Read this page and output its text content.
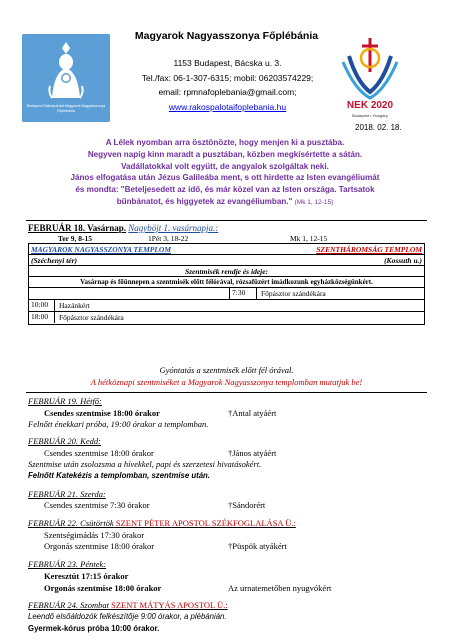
Budapest-Rákospalotai Magyarok Nagyasszonya Főplébánia
Magyarok Nagyasszonya Főplébánia
1153 Budapest, Bácska u. 3.
Tel./fax: 06-1-307-6315; mobil: 06203574229;
email: rpmnafoplebania@gmail.com;
www.rakospalotaifoplebania.hu	NEK 2020
Budapest • Hungary
2018. 02. 18.
A Lélek nyomban arra ösztönözte, hogy menjen ki a pusztába.
Negyven napig kinn maradt a pusztában, közben megkísértette a sátán.
Vadállatokkal volt együtt, de angyalok szolgáltak neki.
János elfogatása után Jézus Galileába ment, s ott hirdette az Isten evangéliumát
és mondta: "Beteljesedett az idő, és már közel van az Isten országa. Tartsatok
bűnbánatot, és higgyetek az evangéliumban." (Mk 1, 12-15)
FEBRUÁR 18. Vasárnap. Nagyböjt 1. vasárnapja.:
Ter 9, 8-15	1Pét 3, 18-22	Mk 1, 12-15
MAGYAROK NAGYASSZONYA TEMPLOM	SZENTHÁROMSÁG TEMPLOM
(Széchenyi tér)	(Kossuth u.)
Szentmisék rendje és ideje:
Vasárnap és főünnepen a szentmisék előtt félórával, rózsafüzért imádkozunk egyházközségünkért.
7:30	Főpásztor szándékára
10:00	Hazánkért
18:00	Főpásztor szándékára
Gyóntatás a szentmisék előtt fél órával.
A hétköznapi szentmiséket a Magyarok Nagyasszonya templomban mutatjuk be!
FEBRUÁR 19. Hétfő:
Csendes szentmise 18:00 órakor	†Antal atyáért
Felnőtt énekkari próba, 19:00 órakor a templomban.
FEBRUÁR 20. Kedd:
Csendes szentmise 18:00 órakor	†János atyáért
Szentmise után zsolozsma a hívekkel, papi és szerzetesi hivatásokért.
Felnőtt Katekézis a templomban, szentmise után.
FEBRUÁR 21. Szerda:
Csendes szentmise 7:30 órakor	†Sándorért
FEBRUÁR 22. Csütörtök SZENT PÉTER APOSTOL SZÉKFOGLALÁSA Ü.:
Szentségimádás 17:30 órakor
Orgonás szentmise 18:00 órakor	†Püspök atyákért
FEBRUÁR 23. Péntek:
Keresztút 17:15 órakor
Orgonás szentmise 18:00 órakor	Az urnatemetőben nyugvókért
FEBRUÁR 24. Szombat SZENT MÁTYÁS APOSTOL Ü.:
Leendő elsőáldozók felkészítője 9:00 órakor, a plébánián.
Gyermek-kórus próba 10:00 órakor.
